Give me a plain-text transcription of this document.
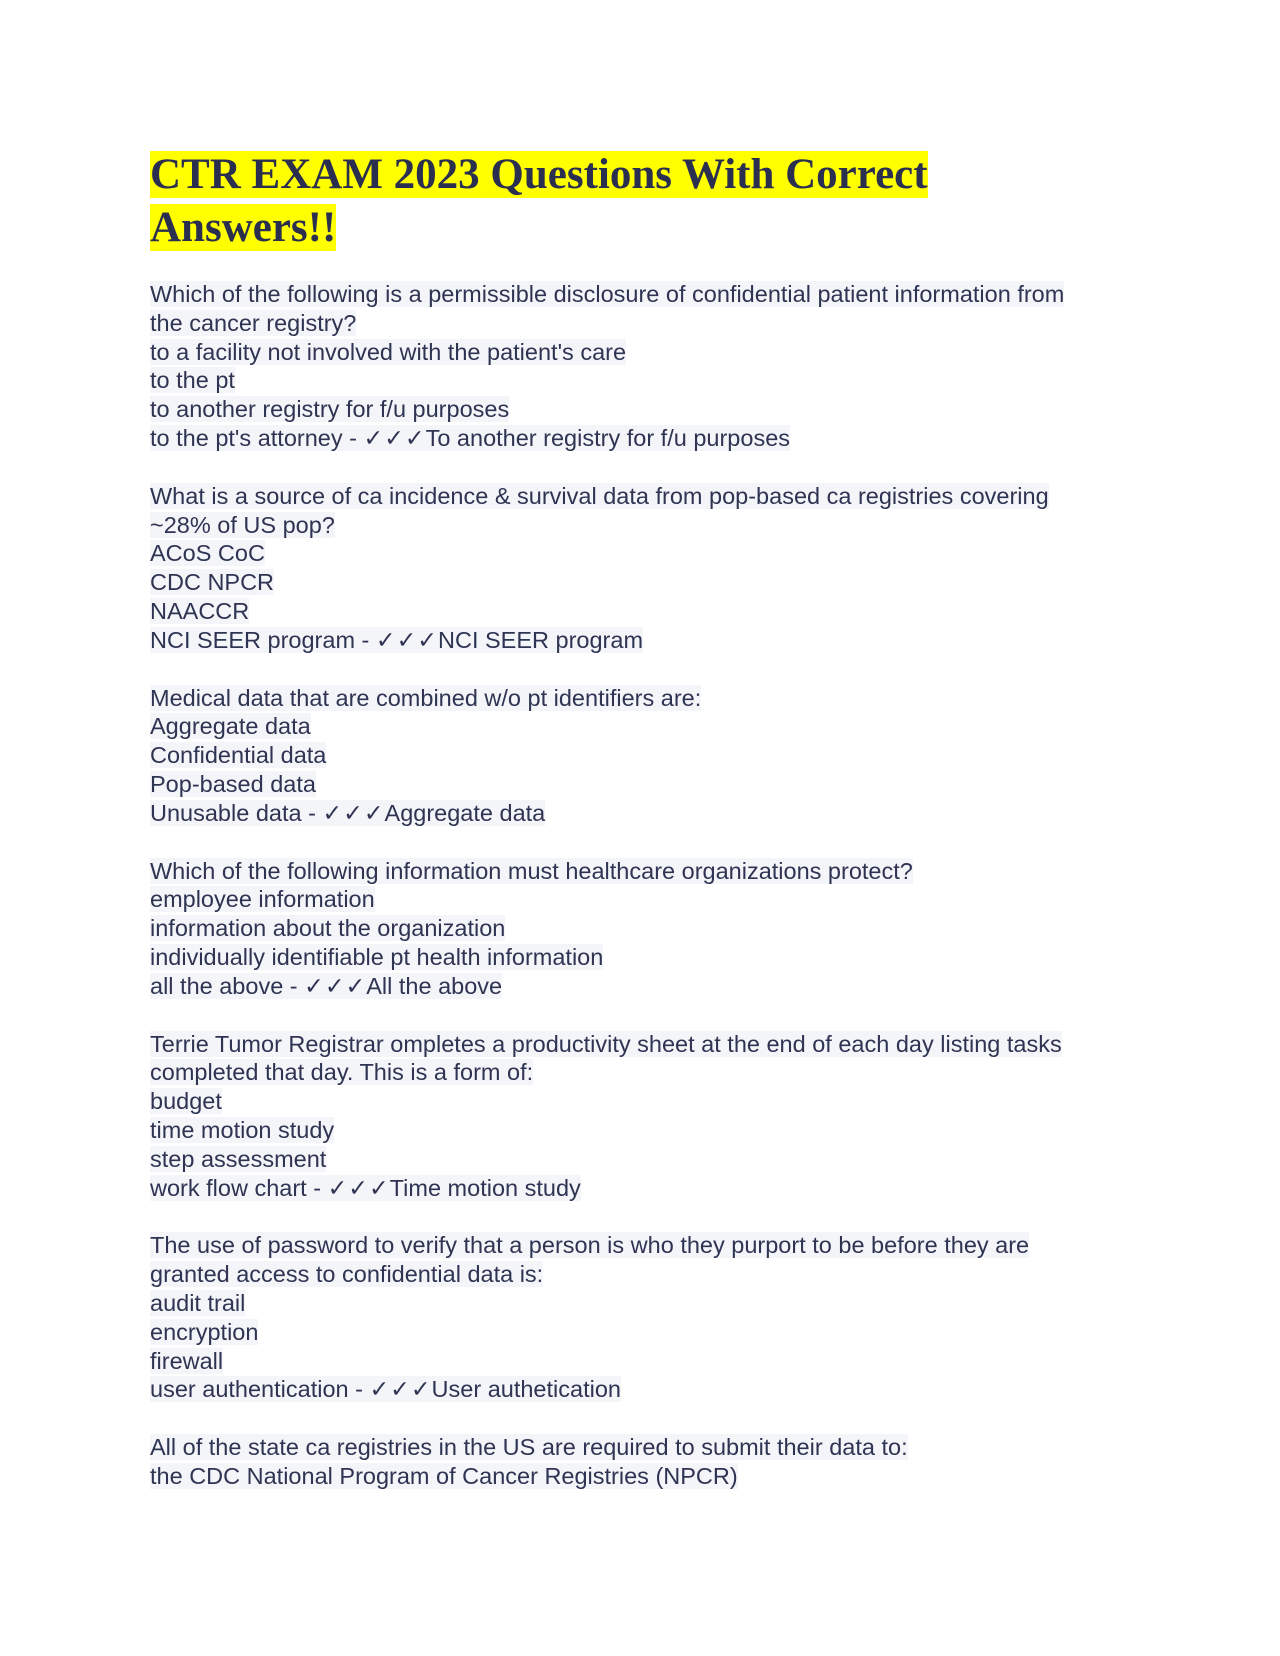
CTR EXAM 2023 Questions With Correct
Answers!!
Which of the following is a permissible disclosure of confidential patient information from
the cancer registry?
to a facility not involved with the patient's care
to the pt
to another registry for f/u purposes
to the pt's attorney - ✓✓✓To another registry for f/u purposes
What is a source of ca incidence & survival data from pop-based ca registries covering
~28% of US pop?
ACoS CoC
CDC NPCR
NAACCR
NCI SEER program - ✓✓✓NCI SEER program
Medical data that are combined w/o pt identifiers are:
Aggregate data
Confidential data
Pop-based data
Unusable data - ✓✓✓Aggregate data
Which of the following information must healthcare organizations protect?
employee information
information about the organization
individually identifiable pt health information
all the above - ✓✓✓All the above
Terrie Tumor Registrar ompletes a productivity sheet at the end of each day listing tasks
completed that day. This is a form of:
budget
time motion study
step assessment
work flow chart - ✓✓✓Time motion study
The use of password to verify that a person is who they purport to be before they are
granted access to confidential data is:
audit trail
encryption
firewall
user authentication - ✓✓✓User authetication
All of the state ca registries in the US are required to submit their data to:
the CDC National Program of Cancer Registries (NPCR)
